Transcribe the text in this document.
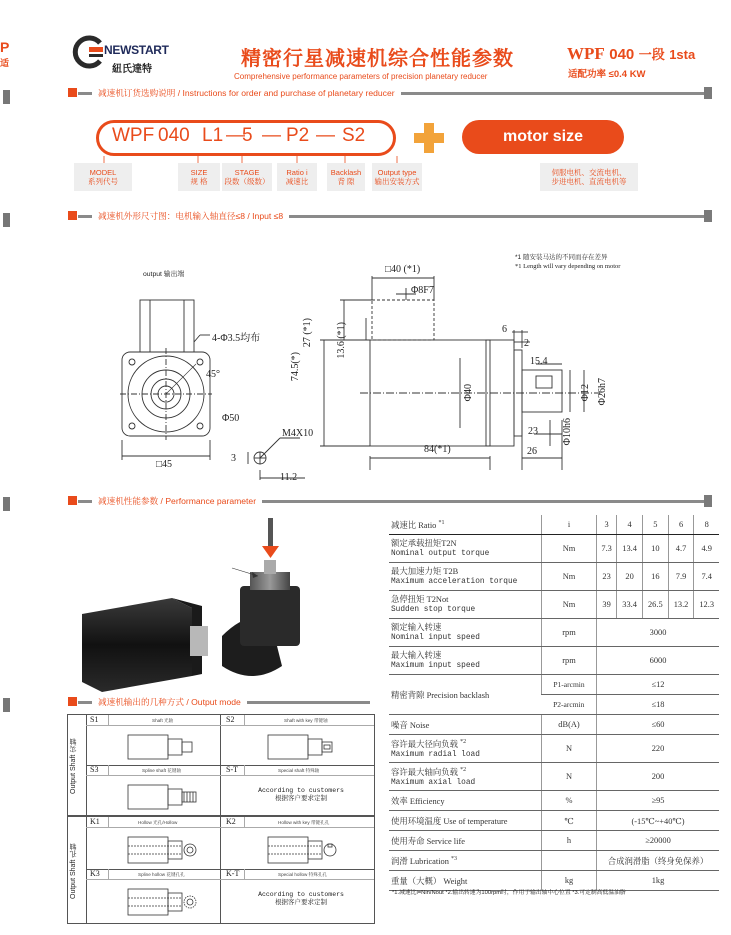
P
适
NEWSTART
紐氏達特	精密行星减速机综合性能参数
Comprehensive performance parameters of precision planetary reducer
WPF 040 一段 1sta
适配功率 ≤0.4 KW
减速机订货选购说明 / Instructions for order and purchase of planetary reducer
WPF 040 L1 —
5 — P2 — S2	motor size
MODEL
系列代号
SIZE
规 格
STAGE
段数（级数）
Ratio i
减速比
Backlash
背 隙
Output type
输出安装方式
伺服电机、交流电机、
步进电机、直流电机等
减速机外形尺寸图：电机输入轴直径≤8 / Input ≤8
*1 随安装马达的不同而存在差异
*1 Length will vary depending on motor
output 输出端
4-Φ3.5均布
45°
Φ50
□45
M4X10
3
11.2
□40 (*1)
Φ8F7
27 (*1) 13.6 (*1)
74.5(*)
Φ40
6
2
15.4
Φ12 Φ26h7
Φ10h6
23
84(*1)	26
减速机性能参数 / Performance parameter
减速比 Ratio $^{*1}$	i	3	4	5	6	8

额定承载扭矩T2N
Nominal output torque	Nm	7.3	13.4	10	4.7	4.9

最大加速力矩 T2B
Maximum acceleration torque	Nm	23	20	16	7.9	7.4

急停扭矩 T2Not
Sudden stop torque	Nm	39	33.4	26.5	13.2	12.3

额定输入转速
Nominal input speed	rpm	3000				

最大输入转速
Maximum input speed	rpm	6000				
精密背隙 Precision backlash	P1-arcmin	≤12				
	P2-arcmin	≤18				
噪音 Noise	dB(A)	≤60				

容许最大径向负载 $^{*2}$
Maximum radial load	N	220				

容许最大轴向负载 $^{*2}$
Maximum axial load	N	200				
效率 Efficiency	%	≥95				
使用环境温度 Use of temperature	℃	(-15℃~+40℃)				
使用寿命 Service life	h	≥20000				
润滑 Lubrication $^{*3}$		合成润滑脂（终身免保养）				
重量（大概） Weight	kg	1kg				
*1.减速比i=Nin/Nout *2.输出转速为100rpm时，作用于输出轴中心位置 *3.可定制高低温油脂
减速机输出的几种方式 / Output mode
Output Shaft 实轴
S1	Shaft 光轴	S2	Shaft with key 带键轴
S3	Spline shaft 花键轴	S-T	Special shaft 特殊轴
According to customers
根据客户要求定制
Output Shaft 孔轴
K1	Hollow 光孔/Hollow	K2	Hollow with key 带键孔孔
K3	Spline hollow 花键孔孔	K-T	Special hollow 特殊孔孔
According to customers
根据客户要求定制
